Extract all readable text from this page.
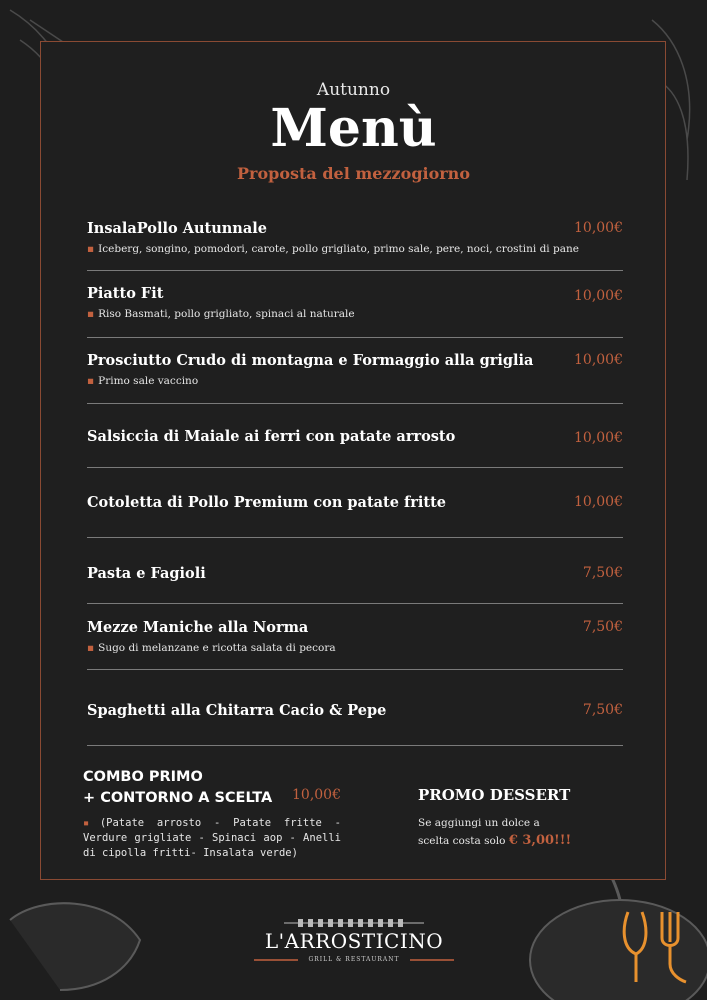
Autunno
Menù
Proposta del mezzogiorno
InsalaPollo Autunnale	10,00€
▪ Iceberg, songino, pomodori, carote, pollo grigliato, primo sale, pere, noci, crostini di pane
Piatto Fit	10,00€
▪ Riso Basmati, pollo grigliato, spinaci al naturale
Prosciutto Crudo di montagna e Formaggio alla griglia	10,00€
▪ Primo sale vaccino
Salsiccia di Maiale ai ferri con patate arrosto	10,00€
Cotoletta di Pollo Premium con patate fritte	10,00€
Pasta e Fagioli	7,50€
Mezze Maniche alla Norma	7,50€
▪ Sugo di melanzane e ricotta salata di pecora
Spaghetti alla Chitarra Cacio & Pepe	7,50€
COMBO PRIMO
+ CONTORNO A SCELTA 10,00€
▪ (Patate arrosto - Patate fritte - Verdure grigliate - Spinaci aop - Anelli di cipolla fritti- Insalata verde)
PROMO DESSERT
Se aggiungi un dolce a
scelta costa solo € 3,00!!!
L'ARROSTICINO
GRILL & RESTAURANT
